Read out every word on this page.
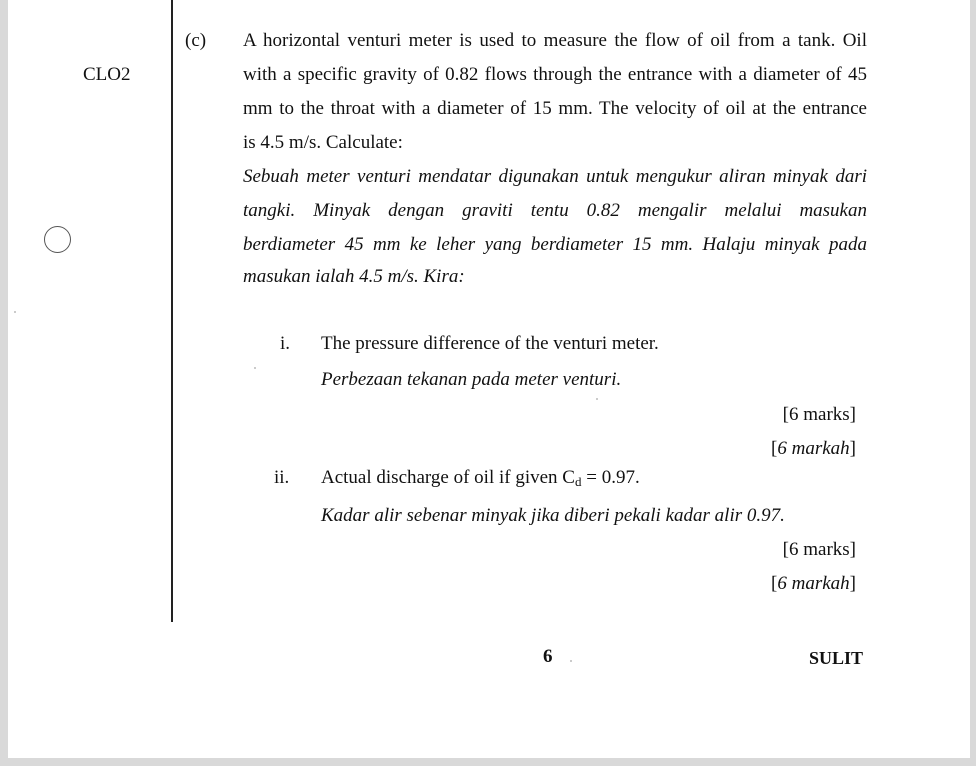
CLO2
(c) A horizontal venturi meter is used to measure the flow of oil from a tank. Oil
with a specific gravity of 0.82 flows through the entrance with a diameter of 45
mm to the throat with a diameter of 15 mm. The velocity of oil at the entrance
is 4.5 m/s. Calculate:
Sebuah meter venturi mendatar digunakan untuk mengukur aliran minyak dari
tangki. Minyak dengan graviti tentu 0.82 mengalir melalui masukan
berdiameter 45 mm ke leher yang berdiameter 15 mm. Halaju minyak pada
masukan ialah 4.5 m/s. Kira:
i. The pressure difference of the venturi meter.
Perbezaan tekanan pada meter venturi.
[6 marks]
[6 markah]
ii. Actual discharge of oil if given $C_d = 0.97$.
Kadar alir sebenar minyak jika diberi pekali kadar alir 0.97.
[6 marks]
[6 markah]
6	SULIT
